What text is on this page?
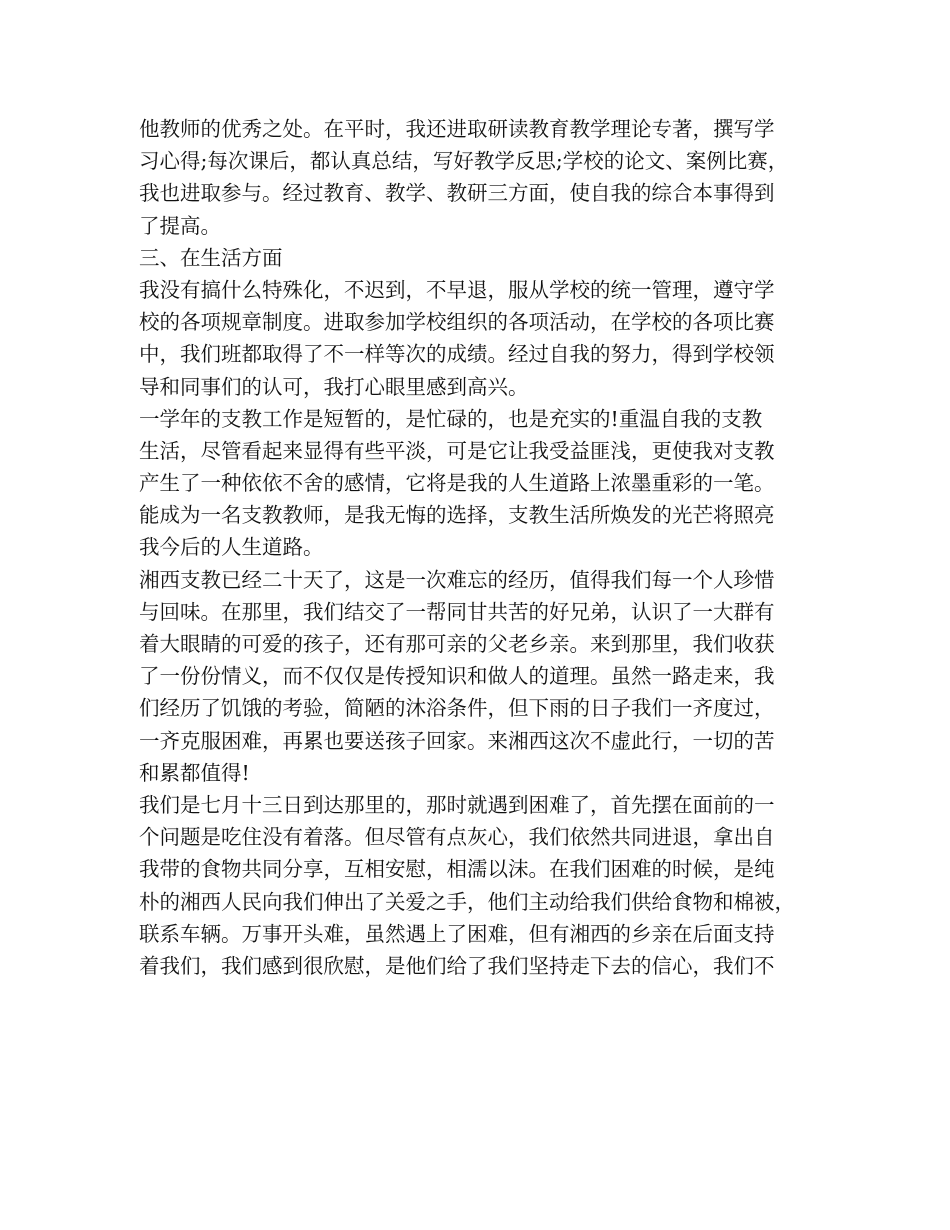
他教师的优秀之处。在平时，我还进取研读教育教学理论专著，撰写学
习心得;每次课后，都认真总结，写好教学反思;学校的论文、案例比赛，
我也进取参与。经过教育、教学、教研三方面，使自我的综合本事得到
了提高。
三、在生活方面
我没有搞什么特殊化，不迟到，不早退，服从学校的统一管理，遵守学
校的各项规章制度。进取参加学校组织的各项活动，在学校的各项比赛
中，我们班都取得了不一样等次的成绩。经过自我的努力，得到学校领
导和同事们的认可，我打心眼里感到高兴。
一学年的支教工作是短暂的，是忙碌的，也是充实的!重温自我的支教
生活，尽管看起来显得有些平淡，可是它让我受益匪浅，更使我对支教
产生了一种依依不舍的感情，它将是我的人生道路上浓墨重彩的一笔。
能成为一名支教教师，是我无悔的选择，支教生活所焕发的光芒将照亮
我今后的人生道路。
湘西支教已经二十天了，这是一次难忘的经历，值得我们每一个人珍惜
与回味。在那里，我们结交了一帮同甘共苦的好兄弟，认识了一大群有
着大眼睛的可爱的孩子，还有那可亲的父老乡亲。来到那里，我们收获
了一份份情义，而不仅仅是传授知识和做人的道理。虽然一路走来，我
们经历了饥饿的考验，简陋的沐浴条件，但下雨的日子我们一齐度过，
一齐克服困难，再累也要送孩子回家。来湘西这次不虚此行，一切的苦
和累都值得!
我们是七月十三日到达那里的，那时就遇到困难了，首先摆在面前的一
个问题是吃住没有着落。但尽管有点灰心，我们依然共同进退，拿出自
我带的食物共同分享，互相安慰，相濡以沫。在我们困难的时候，是纯
朴的湘西人民向我们伸出了关爱之手，他们主动给我们供给食物和棉被，
联系车辆。万事开头难，虽然遇上了困难，但有湘西的乡亲在后面支持
着我们，我们感到很欣慰，是他们给了我们坚持走下去的信心，我们不
